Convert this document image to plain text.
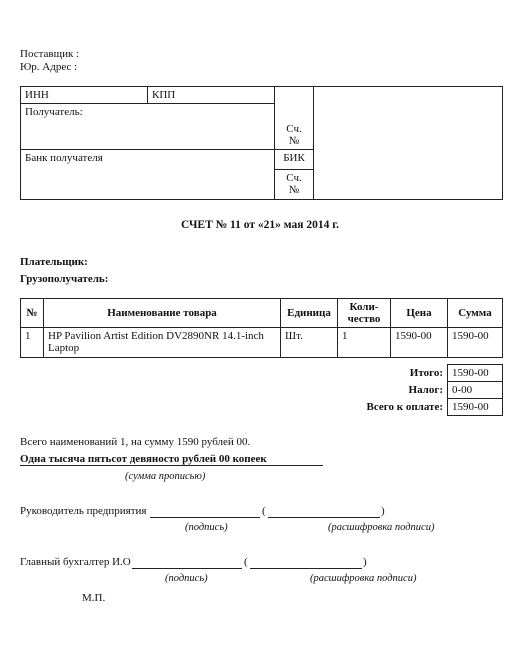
Поставщик :
Юр. Адрес :
ИНН	КПП	Сч.
№	

Получатель:			
Банк получателя		БИК	

		Сч.
№	
СЧЕТ № 11 от «21» мая 2014 г.
Плательщик:
Грузополучатель:
№	Наименование товара	Единица	Коли-
чество	Цена	Сумма
1	HP Pavilion Artist Edition DV2890NR 14.1-inch Laptop	Шт.	1	1590-00	1590-00
Итого:	1590-00
Налог:	0-00
Всего к оплате:	1590-00
Всего наименований 1, на сумму 1590 рублей 00.
Одна тысяча пятьсот девяносто рублей 00 копеек
(сумма прописью)
Руководитель предприятия	(	)
(подпись)	(расшифровка подписи)
Главный бухгалтер И.О	(	)
(подпись)	(расшифровка подписи)
М.П.
